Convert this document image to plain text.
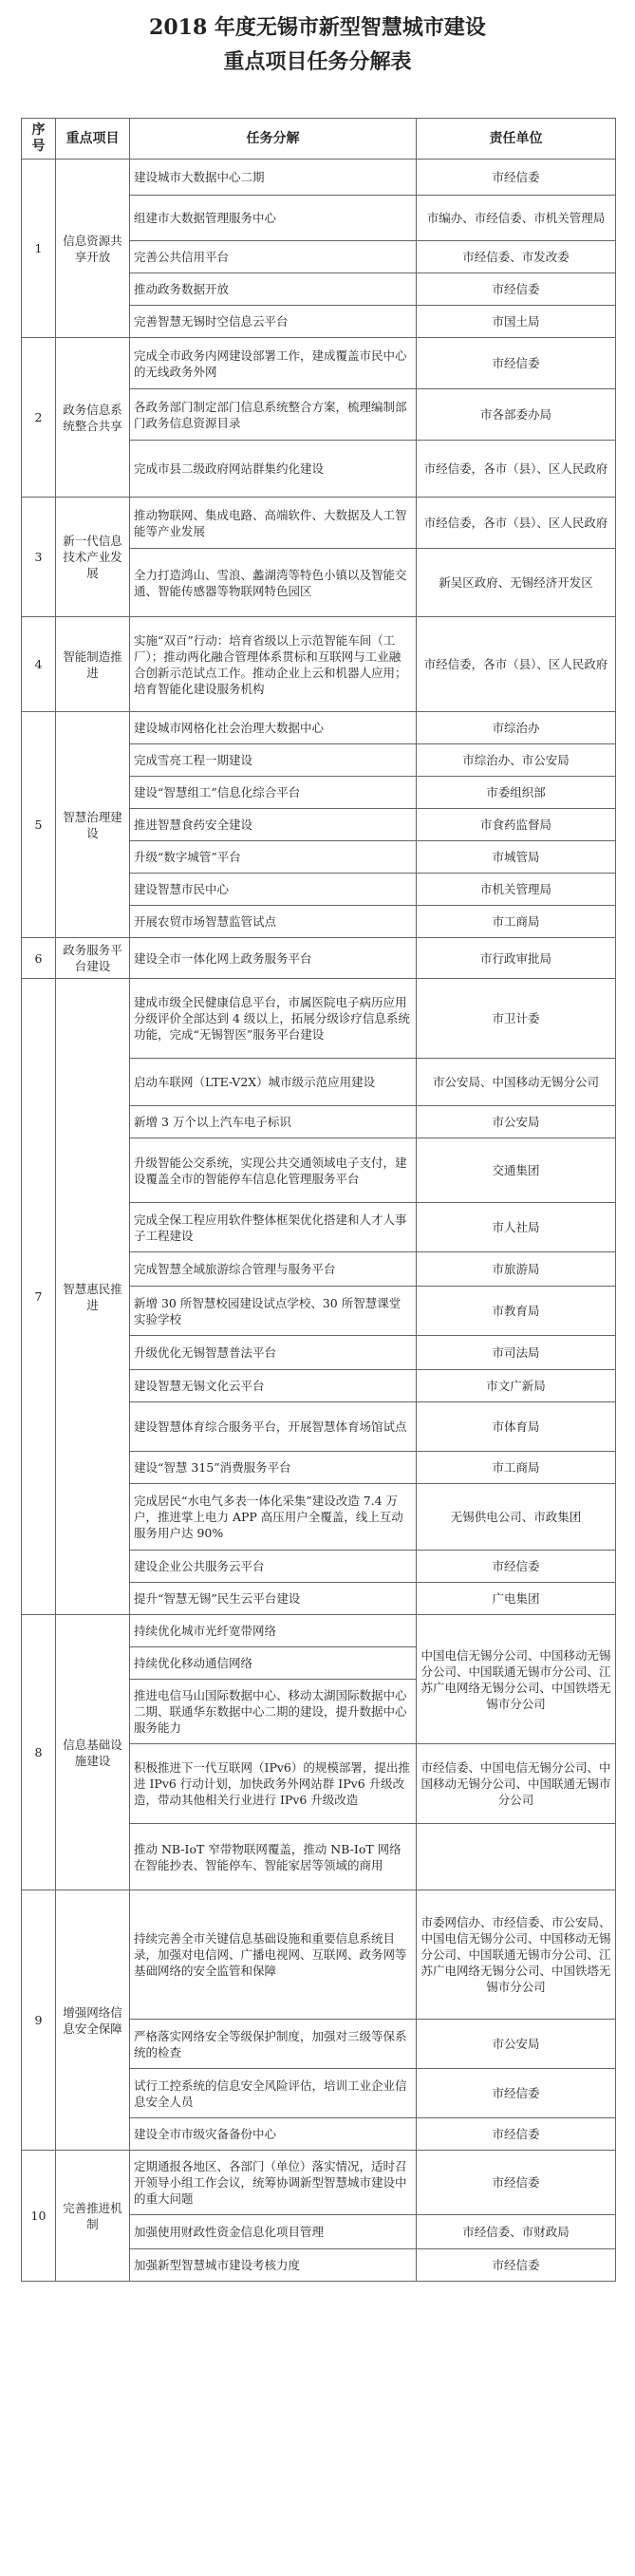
2018 年度无锡市新型智慧城市建设
重点项目任务分解表
序号	重点项目	任务分解	责任单位
1	信息资源共享开放	建设城市大数据中心二期	市经信委
		组建市大数据管理服务中心	市编办、市经信委、市机关管理局
		完善公共信用平台	市经信委、市发改委
		推动政务数据开放	市经信委
		完善智慧无锡时空信息云平台	市国土局
2	政务信息系统整合共享	完成全市政务内网建设部署工作，建成覆盖市民中心的无线政务外网	市经信委
		各政务部门制定部门信息系统整合方案，梳理编制部门政务信息资源目录	市各部委办局
		完成市县二级政府网站群集约化建设	市经信委，各市（县）、区人民政府
3	新一代信息技术产业发展	推动物联网、集成电路、高端软件、大数据及人工智能等产业发展	市经信委，各市（县）、区人民政府
		全力打造鸿山、雪浪、蠡湖湾等特色小镇以及智能交通、智能传感器等物联网特色园区	新吴区政府、无锡经济开发区
4	智能制造推进	实施“双百”行动：培育省级以上示范智能车间（工厂）；推动两化融合管理体系贯标和互联网与工业融合创新示范试点工作。推动企业上云和机器人应用；培育智能化建设服务机构	市经信委，各市（县）、区人民政府
5	智慧治理建设	建设城市网格化社会治理大数据中心	市综治办
		完成雪亮工程一期建设	市综治办、市公安局
		建设“智慧组工”信息化综合平台	市委组织部
		推进智慧食药安全建设	市食药监督局
		升级“数字城管”平台	市城管局
		建设智慧市民中心	市机关管理局
		开展农贸市场智慧监管试点	市工商局
6	政务服务平台建设	建设全市一体化网上政务服务平台	市行政审批局
7	智慧惠民推进	建成市级全民健康信息平台，市属医院电子病历应用分级评价全部达到 4 级以上，拓展分级诊疗信息系统功能，完成“无锡智医”服务平台建设	市卫计委
		启动车联网（LTE-V2X）城市级示范应用建设	市公安局、中国移动无锡分公司
		新增 3 万个以上汽车电子标识	市公安局
		升级智能公交系统，实现公共交通领域电子支付，建设覆盖全市的智能停车信息化管理服务平台	交通集团
		完成全保工程应用软件整体框架优化搭建和人才人事子工程建设	市人社局
		完成智慧全域旅游综合管理与服务平台	市旅游局
		新增 30 所智慧校园建设试点学校、30 所智慧课堂实验学校	市教育局
		升级优化无锡智慧普法平台	市司法局
		建设智慧无锡文化云平台	市文广新局
		建设智慧体育综合服务平台，开展智慧体育场馆试点	市体育局
		建设“智慧 315”消费服务平台	市工商局
		完成居民“水电气多表一体化采集”建设改造 7.4 万户，推进掌上电力 APP 高压用户全覆盖，线上互动服务用户达 90%	无锡供电公司、市政集团
		建设企业公共服务云平台	市经信委
		提升“智慧无锡”民生云平台建设	广电集团
8	信息基础设施建设	持续优化城市光纤宽带网络	中国电信无锡分公司、中国移动无锡分公司、中国联通无锡市分公司、江苏广电网络无锡分公司、中国铁塔无锡市分公司
		持续优化移动通信网络	
		推进电信马山国际数据中心、移动太湖国际数据中心二期、联通华东数据中心二期的建设，提升数据中心服务能力	
		积极推进下一代互联网（IPv6）的规模部署，提出推进 IPv6 行动计划，加快政务外网站群 IPv6 升级改造，带动其他相关行业进行 IPv6 升级改造	市经信委、中国电信无锡分公司、中国移动无锡分公司、中国联通无锡市分公司
		推动 NB-IoT 窄带物联网覆盖，推动 NB-IoT 网络在智能抄表、智能停车、智能家居等领域的商用	
9	增强网络信息安全保障	持续完善全市关键信息基础设施和重要信息系统目录，加强对电信网、广播电视网、互联网、政务网等基础网络的安全监管和保障	市委网信办、市经信委、市公安局、中国电信无锡分公司、中国移动无锡分公司、中国联通无锡市分公司、江苏广电网络无锡分公司、中国铁塔无锡市分公司
		严格落实网络安全等级保护制度，加强对三级等保系统的检查	市公安局
		试行工控系统的信息安全风险评估，培训工业企业信息安全人员	市经信委
		建设全市市级灾备备份中心	市经信委
10	完善推进机制	定期通报各地区、各部门（单位）落实情况，适时召开领导小组工作会议，统筹协调新型智慧城市建设中的重大问题	市经信委
		加强使用财政性资金信息化项目管理	市经信委、市财政局
		加强新型智慧城市建设考核力度	市经信委
